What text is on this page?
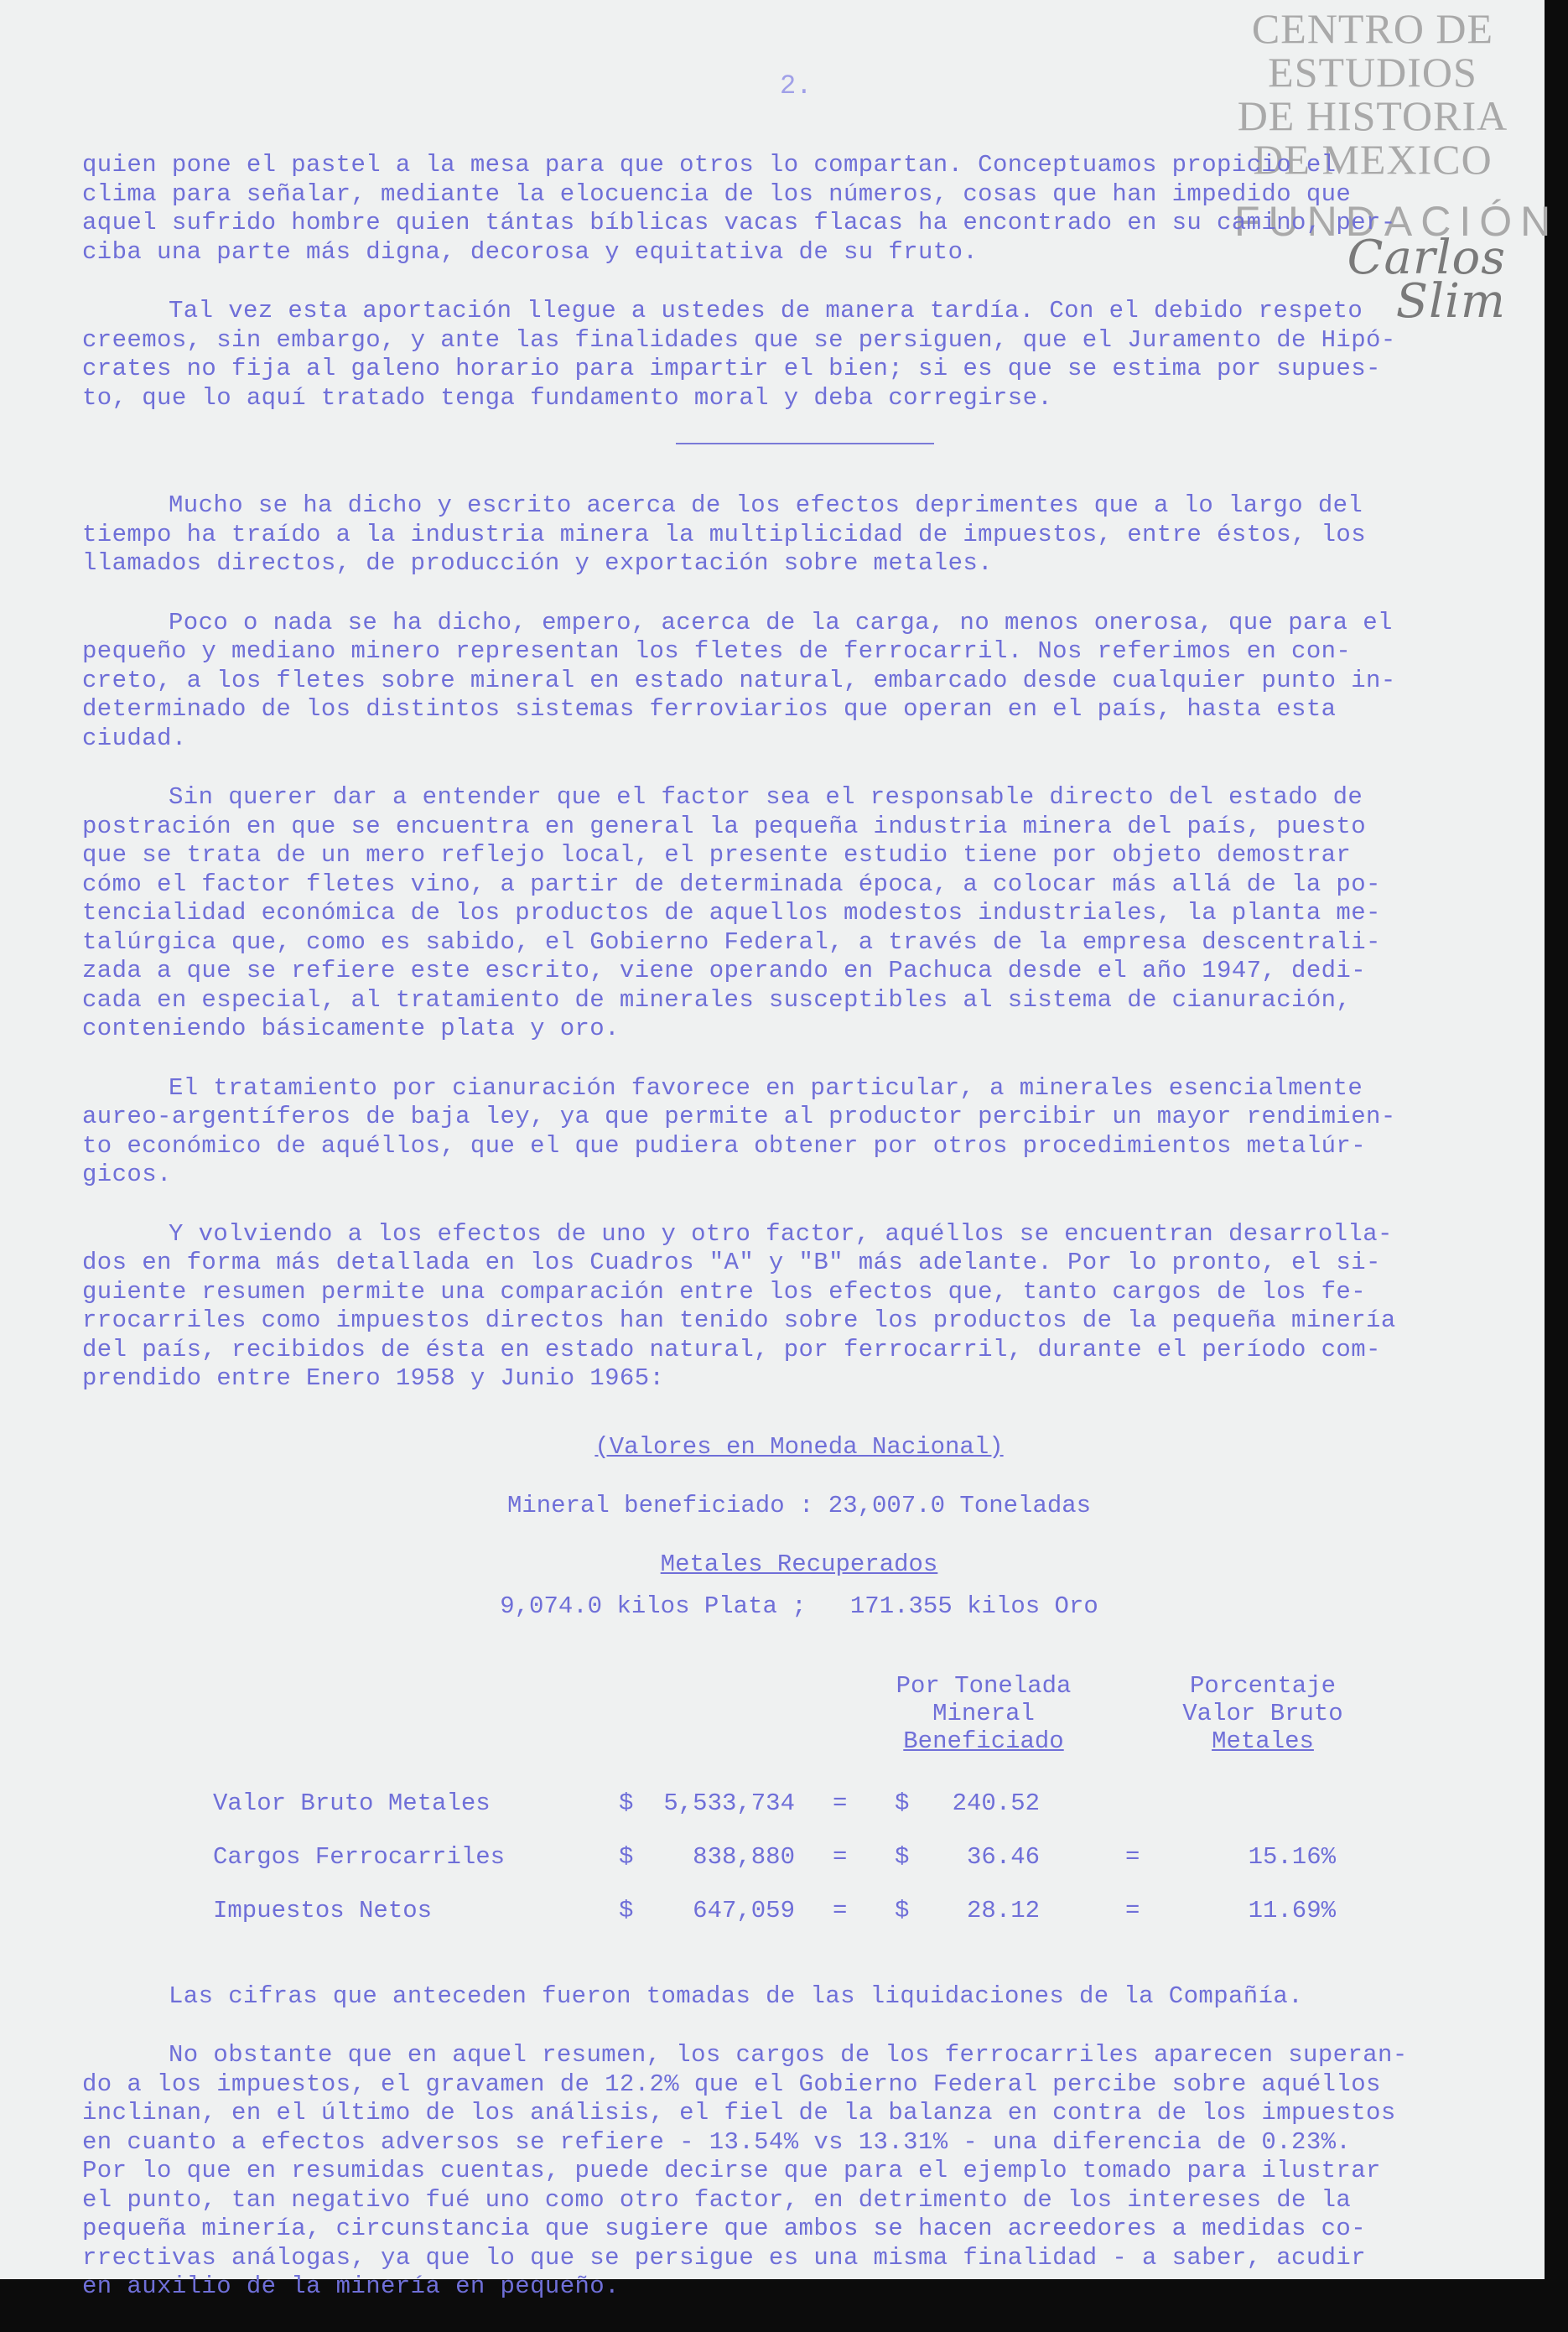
CENTRO DE
ESTUDIOS
DE HISTORIA
DE MEXICO
FUNDACIÓN
Carlos Slim
2.

quien pone el pastel a la mesa para que otros lo compartan. Conceptuamos propicio el
clima para señalar, mediante la elocuencia de los números, cosas que han impedido que
aquel sufrido hombre quien tántas bíblicas vacas flacas ha encontrado en su camino, per-
ciba una parte más digna, decorosa y equitativa de su fruto.

Tal vez esta aportación llegue a ustedes de manera tardía. Con el debido respeto
creemos, sin embargo, y ante las finalidades que se persiguen, que el Juramento de Hipó-
crates no fija al galeno horario para impartir el bien; si es que se estima por supues-
to, que lo aquí tratado tenga fundamento moral y deba corregirse.

Mucho se ha dicho y escrito acerca de los efectos deprimentes que a lo largo del
tiempo ha traído a la industria minera la multiplicidad de impuestos, entre éstos, los
llamados directos, de producción y exportación sobre metales.

Poco o nada se ha dicho, empero, acerca de la carga, no menos onerosa, que para el
pequeño y mediano minero representan los fletes de ferrocarril. Nos referimos en con-
creto, a los fletes sobre mineral en estado natural, embarcado desde cualquier punto in-
determinado de los distintos sistemas ferroviarios que operan en el país, hasta esta
ciudad.

Sin querer dar a entender que el factor sea el responsable directo del estado de
postración en que se encuentra en general la pequeña industria minera del país, puesto
que se trata de un mero reflejo local, el presente estudio tiene por objeto demostrar
cómo el factor fletes vino, a partir de determinada época, a colocar más allá de la po-
tencialidad económica de los productos de aquellos modestos industriales, la planta me-
talúrgica que, como es sabido, el Gobierno Federal, a través de la empresa descentrali-
zada a que se refiere este escrito, viene operando en Pachuca desde el año 1947, dedi-
cada en especial, al tratamiento de minerales susceptibles al sistema de cianuración,
conteniendo básicamente plata y oro.

El tratamiento por cianuración favorece en particular, a minerales esencialmente
aureo-argentíferos de baja ley, ya que permite al productor percibir un mayor rendimien-
to económico de aquéllos, que el que pudiera obtener por otros procedimientos metalúr-
gicos.

Y volviendo a los efectos de uno y otro factor, aquéllos se encuentran desarrolla-
dos en forma más detallada en los Cuadros "A" y "B" más adelante. Por lo pronto, el si-
guiente resumen permite una comparación entre los efectos que, tanto cargos de los fe-
rrocarriles como impuestos directos han tenido sobre los productos de la pequeña minería
del país, recibidos de ésta en estado natural, por ferrocarril, durante el período com-
prendido entre Enero 1958 y Junio 1965:

(Valores en Moneda Nacional)
Mineral beneficiado : 23,007.0 Toneladas
Metales Recuperados
9,074.0 kilos Plata ;   171.355 kilos Oro
Por Tonelada
Mineral
Beneficiado
Porcentaje
Valor Bruto
Metales
Valor Bruto Metales	$	5,533,734 = $	240.52
Cargos Ferrocarriles	$	838,880 = $	36.46	=	15.16%
Impuestos Netos	$	647,059 = $	28.12	=	11.69%

Las cifras que anteceden fueron tomadas de las liquidaciones de la Compañía.

No obstante que en aquel resumen, los cargos de los ferrocarriles aparecen superan-
do a los impuestos, el gravamen de 12.2% que el Gobierno Federal percibe sobre aquéllos
inclinan, en el último de los análisis, el fiel de la balanza en contra de los impuestos
en cuanto a efectos adversos se refiere - 13.54% vs 13.31% - una diferencia de 0.23%.
Por lo que en resumidas cuentas, puede decirse que para el ejemplo tomado para ilustrar
el punto, tan negativo fué uno como otro factor, en detrimento de los intereses de la
pequeña minería, circunstancia que sugiere que ambos se hacen acreedores a medidas co-
rrectivas análogas, ya que lo que se persigue es una misma finalidad - a saber, acudir
en auxilio de la minería en pequeño.
